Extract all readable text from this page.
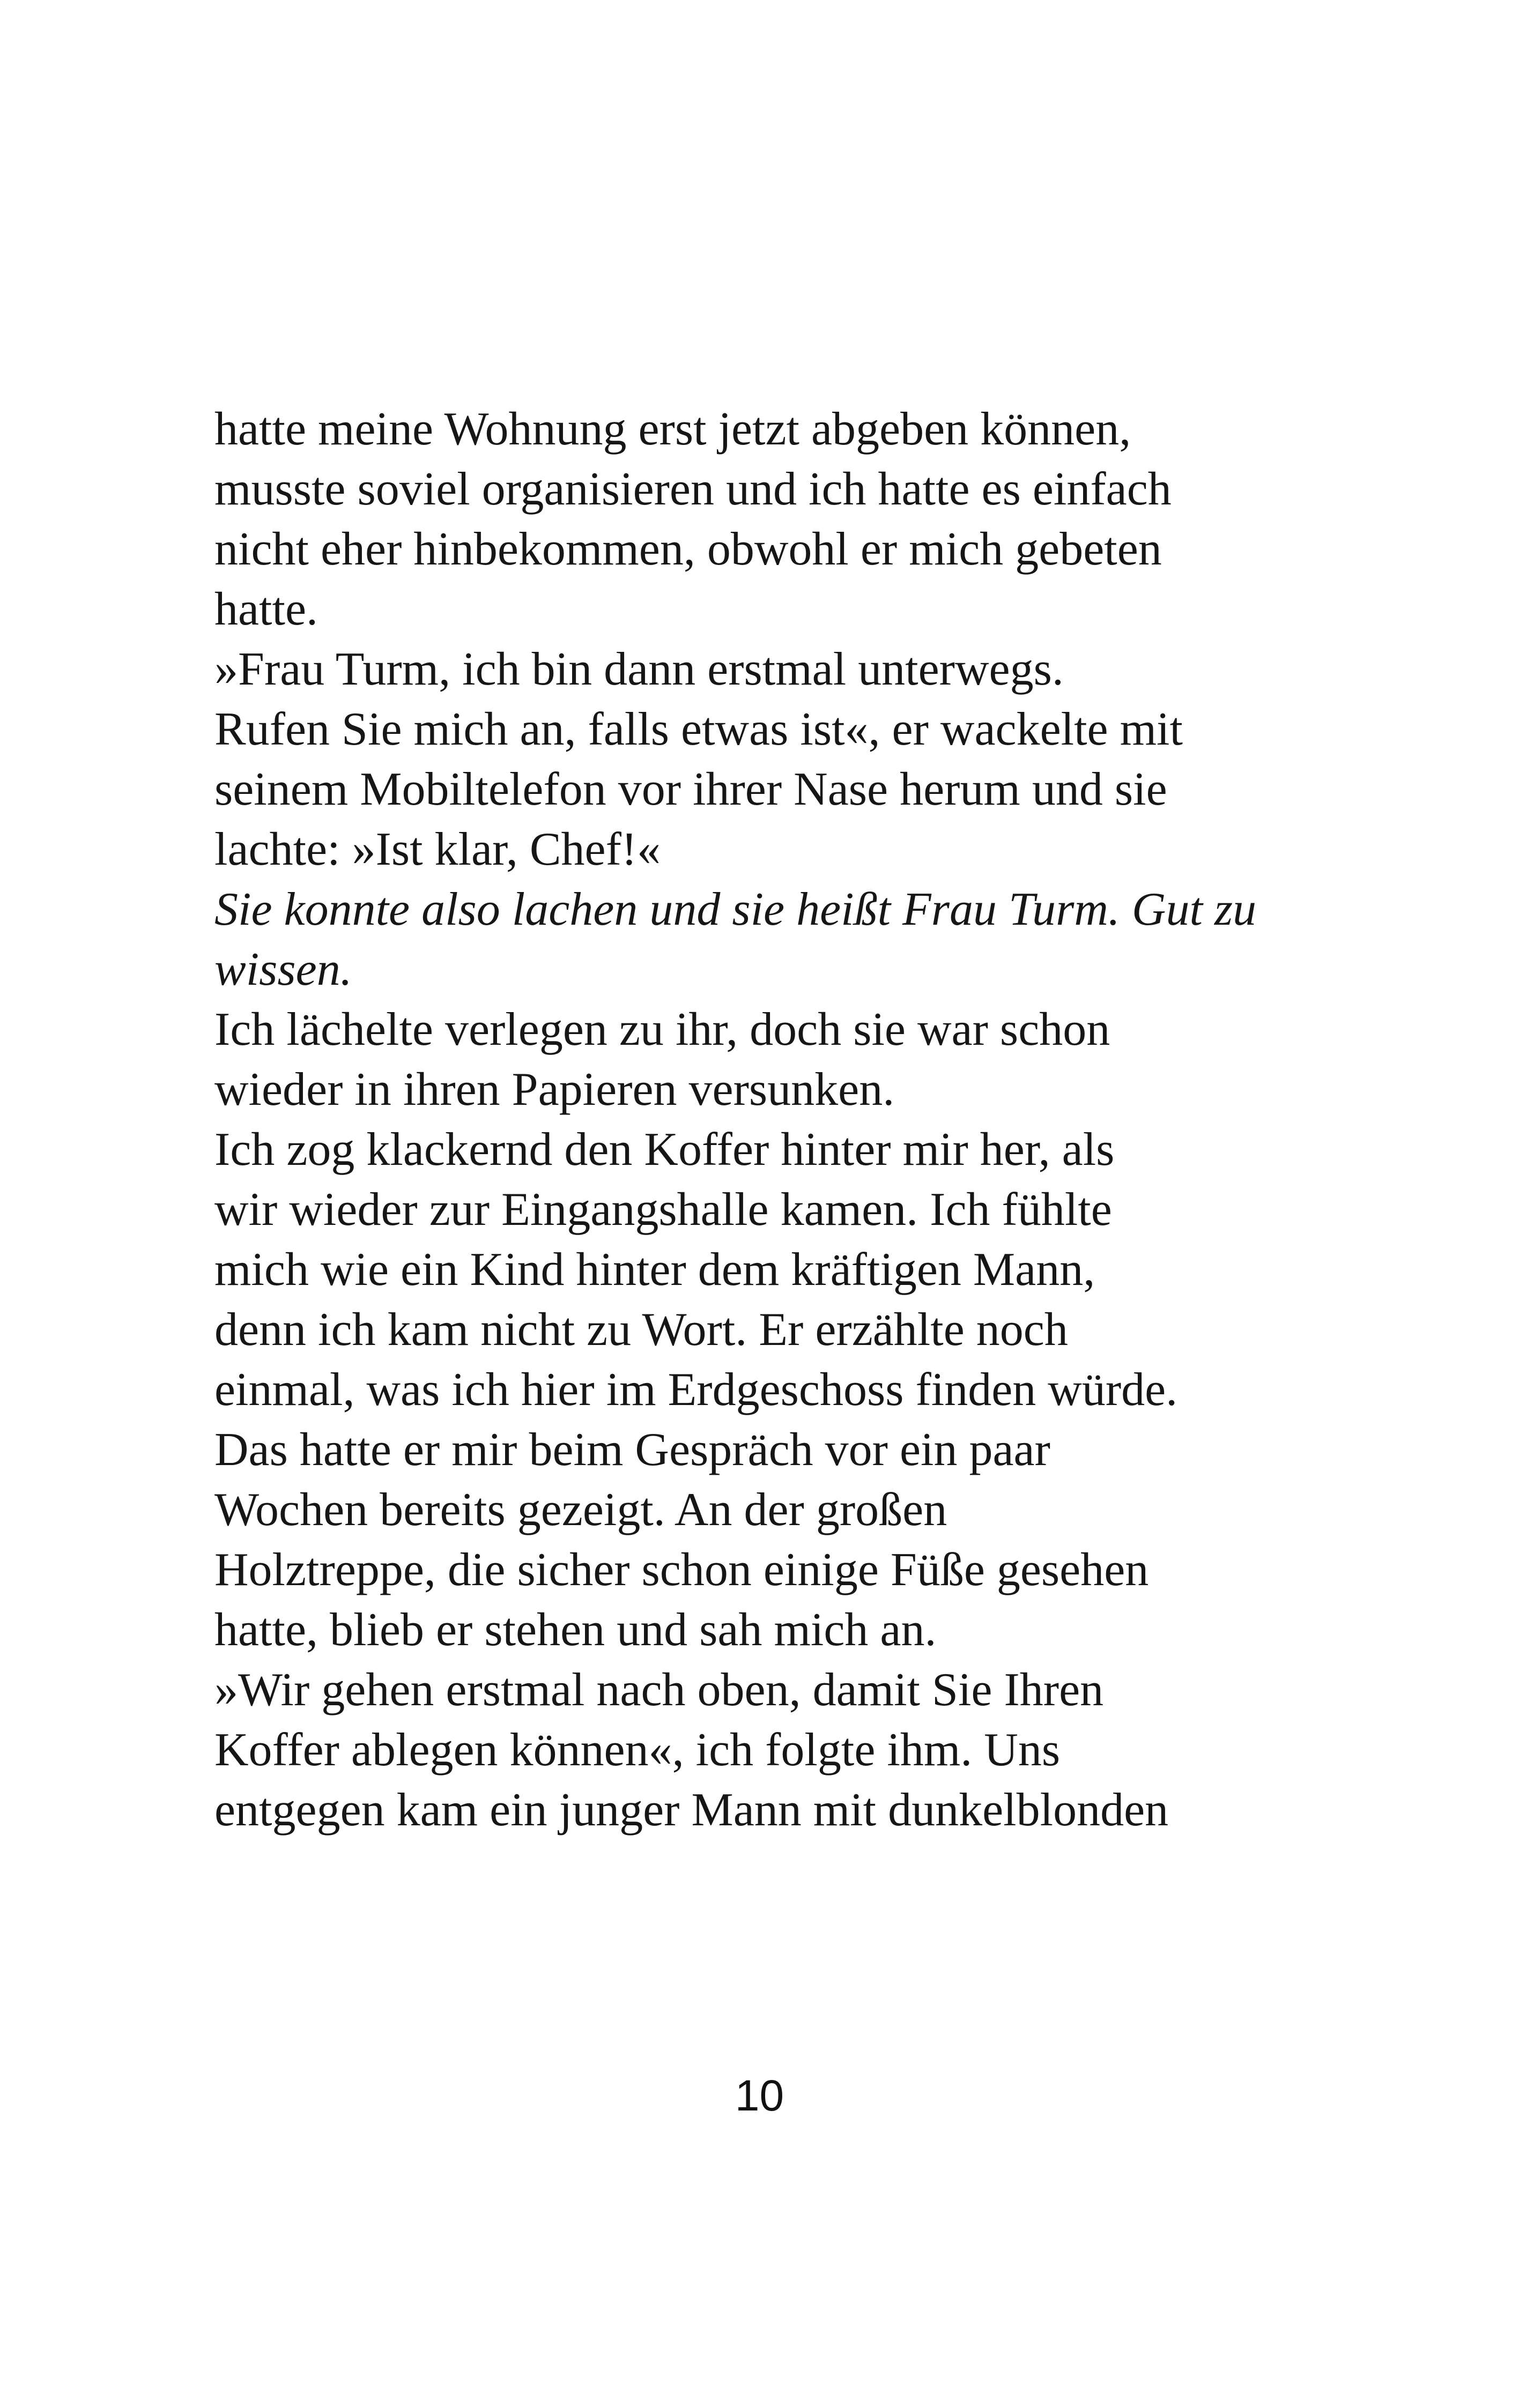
hatte meine Wohnung erst jetzt abgeben können,
musste soviel organisieren und ich hatte es einfach
nicht eher hinbekommen, obwohl er mich gebeten
hatte.
»Frau Turm, ich bin dann erstmal unterwegs.
Rufen Sie mich an, falls etwas ist«, er wackelte mit
seinem Mobiltelefon vor ihrer Nase herum und sie
lachte: »Ist klar, Chef!«
Sie konnte also lachen und sie heißt Frau Turm. Gut zu
wissen.
Ich lächelte verlegen zu ihr, doch sie war schon
wieder in ihren Papieren versunken.
Ich zog klackernd den Koffer hinter mir her, als
wir wieder zur Eingangshalle kamen. Ich fühlte
mich wie ein Kind hinter dem kräftigen Mann,
denn ich kam nicht zu Wort. Er erzählte noch
einmal, was ich hier im Erdgeschoss finden würde.
Das hatte er mir beim Gespräch vor ein paar
Wochen bereits gezeigt. An der großen
Holztreppe, die sicher schon einige Füße gesehen
hatte, blieb er stehen und sah mich an.
»Wir gehen erstmal nach oben, damit Sie Ihren
Koffer ablegen können«, ich folgte ihm. Uns
entgegen kam ein junger Mann mit dunkelblonden
10
